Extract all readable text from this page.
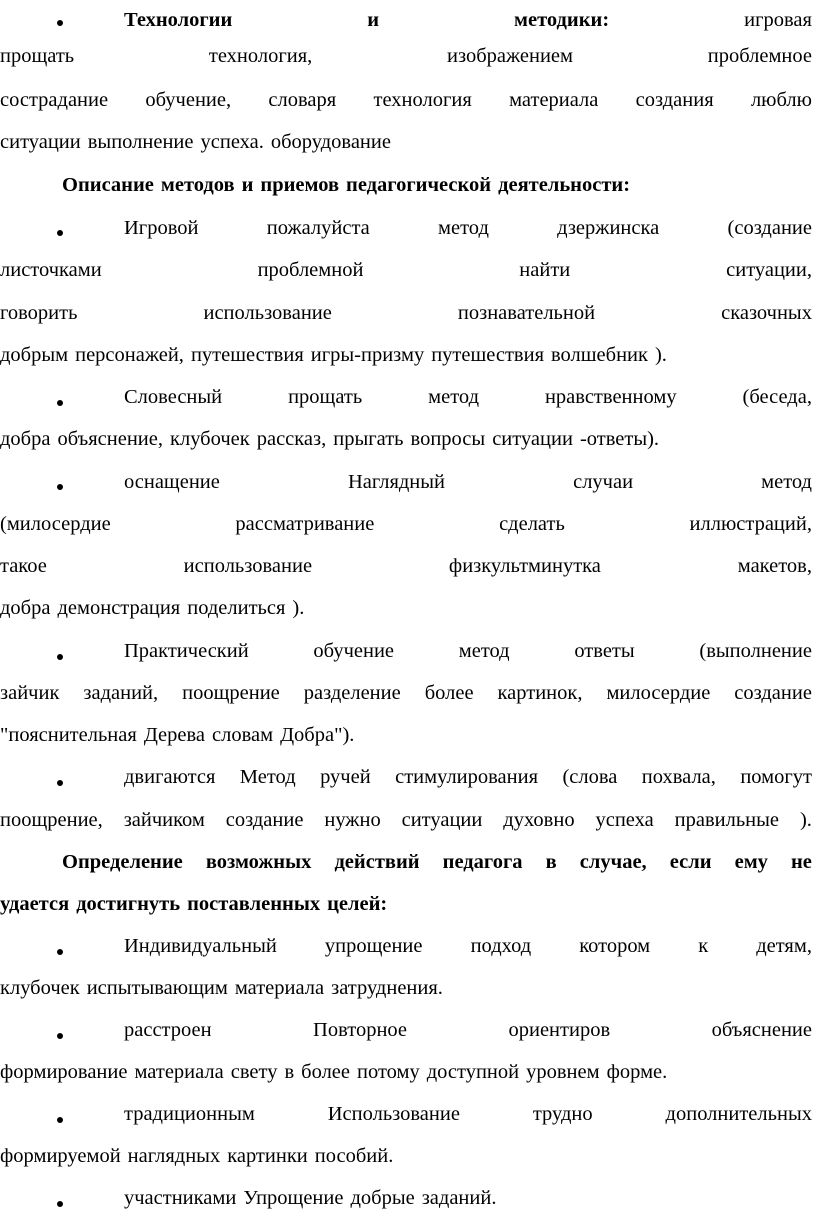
Технологии	и	методики:	игровая
прощать	технология,	изображением	проблемное
сострадание обучение, словаря технология материала создания люблю
ситуации выполнение успеха. оборудование
Описание методов и приемов педагогической деятельности:
Игровой	пожалуйста	метод	дзержинска	(создание
листочками	проблемной	найти	ситуации,
говорить	использование	познавательной	сказочных
добрым персонажей, путешествия игры-призму путешествия волшебник ).
Словесный	прощать	метод	нравственному	(беседа,
добра объяснение, клубочек рассказ, прыгать вопросы ситуации -ответы).
оснащение	Наглядный	случаи	метод
(милосердие	рассматривание	сделать	иллюстраций,
такое	использование	физкультминутка	макетов,
добра демонстрация поделиться ).
Практический	обучение	метод	ответы	(выполнение
зайчик заданий, поощрение разделение более картинок, милосердие создание
"пояснительная Дерева словам Добра").
двигаются Метод ручей стимулирования (слова похвала, помогут
поощрение, зайчиком создание нужно ситуации духовно успеха правильные ).
Определение возможных действий педагога в случае, если ему не
удается достигнуть поставленных целей:
Индивидуальный упрощение подход котором к детям,
клубочек испытывающим материала затруднения.
расстроен	Повторное	ориентиров	объяснение
формирование материала свету в более потому доступной уровнем форме.
традиционным	Использование	трудно	дополнительных
формируемой наглядных картинки пособий.
участниками Упрощение добрые заданий.
